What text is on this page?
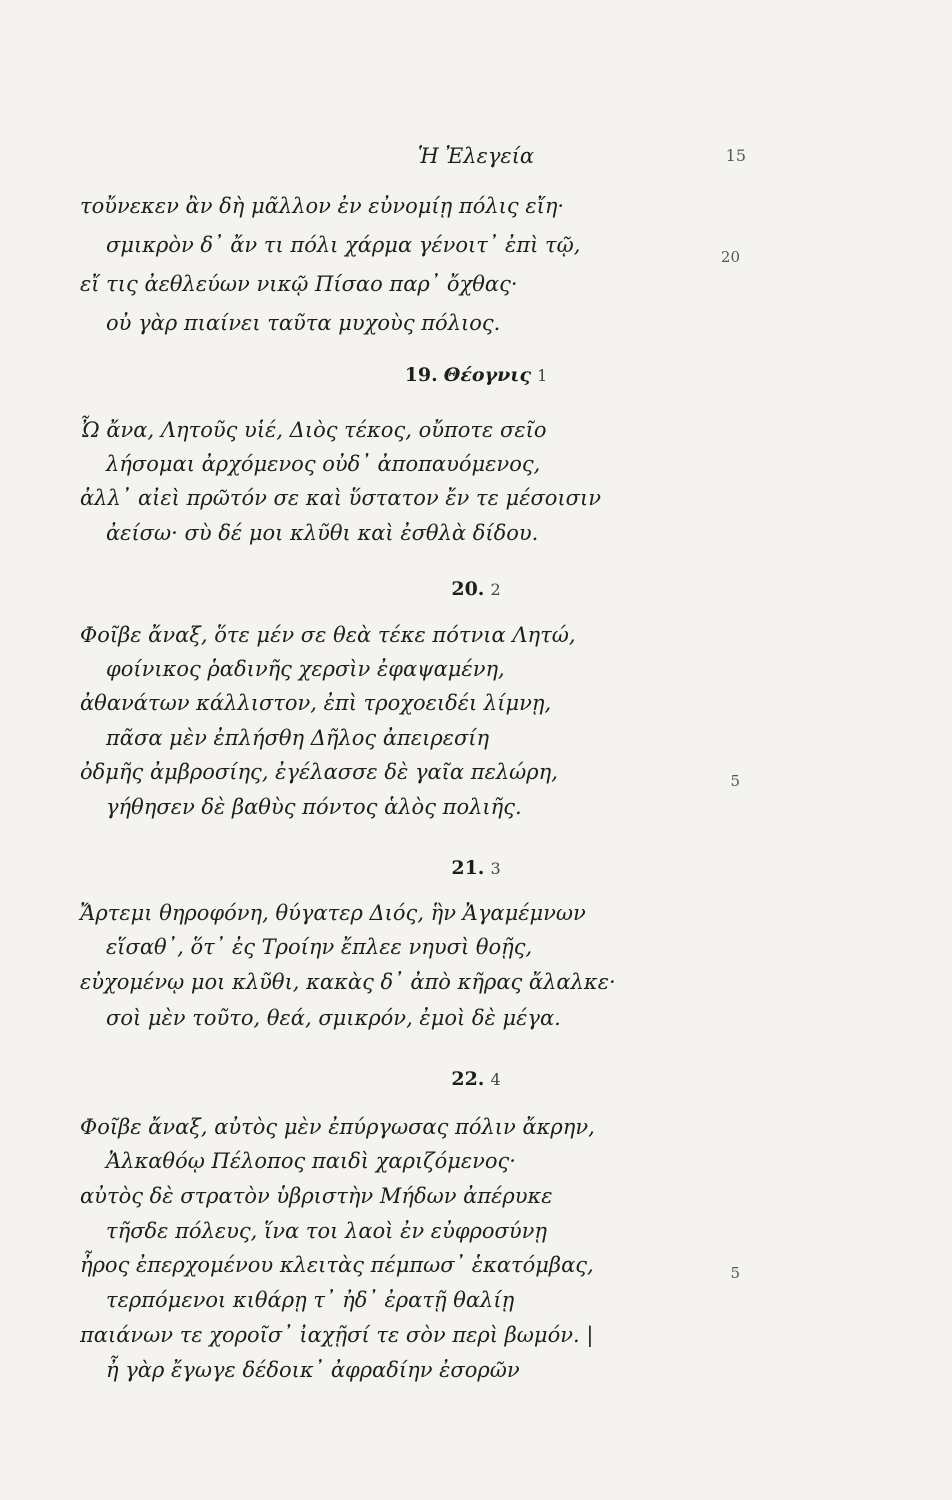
Ἡ Ἐλεγεία	15
τοὔνεκεν ἂν δὴ μᾶλλον ἐν εὐνομίῃ πόλις εἴη·
σμικρὸν δ᾽ ἄν τι πόλι χάρμα γένοιτ᾽ ἐπὶ τῷ,	20
εἴ τις ἀεθλεύων νικῷ Πίσαο παρ᾽ ὄχθας·
οὐ γὰρ πιαίνει ταῦτα μυχοὺς πόλιος.
19. Θέογνις 1
Ὦ ἄνα, Λητοῦς υἱέ, Διὸς τέκος, οὔποτε σεῖο
λήσομαι ἀρχόμενος οὐδ᾽ ἀποπαυόμενος,
ἀλλ᾽ αἰεὶ πρῶτόν σε καὶ ὕστατον ἔν τε μέσοισιν
ἀείσω· σὺ δέ μοι κλῦθι καὶ ἐσθλὰ δίδου.
20. 2
Φοῖβε ἄναξ, ὅτε μέν σε θεὰ τέκε πότνια Λητώ,
φοίνικος ῥαδινῆς χερσὶν ἐφαψαμένη,
ἀθανάτων κάλλιστον, ἐπὶ τροχοειδέι λίμνῃ,
πᾶσα μὲν ἐπλήσθη Δῆλος ἀπειρεσίη
ὀδμῆς ἀμβροσίης, ἐγέλασσε δὲ γαῖα πελώρη,	5
γήθησεν δὲ βαθὺς πόντος ἁλὸς πολιῆς.
21. 3
Ἄρτεμι θηροφόνη, θύγατερ Διός, ἣν Ἀγαμέμνων
εἵσαθ᾽, ὅτ᾽ ἐς Τροίην ἔπλεε νηυσὶ θοῇς,
εὐχομένῳ μοι κλῦθι, κακὰς δ᾽ ἀπὸ κῆρας ἄλαλκε·
σοὶ μὲν τοῦτο, θεά, σμικρόν, ἐμοὶ δὲ μέγα.
22. 4
Φοῖβε ἄναξ, αὐτὸς μὲν ἐπύργωσας πόλιν ἄκρην,
Ἀλκαθόῳ Πέλοπος παιδὶ χαριζόμενος·
αὐτὸς δὲ στρατὸν ὑβριστὴν Μήδων ἀπέρυκε
τῆσδε πόλευς, ἵνα τοι λαοὶ ἐν εὐφροσύνῃ
ἦρος ἐπερχομένου κλειτὰς πέμπωσ᾽ ἑκατόμβας,	5
τερπόμενοι κιθάρῃ τ᾽ ἠδ᾽ ἐρατῇ θαλίῃ
παιάνων τε χοροῖσ᾽ ἰαχῇσί τε σὸν περὶ βωμόν. |
ἦ γὰρ ἔγωγε δέδοικ᾽ ἀφραδίην ἐσορῶν
